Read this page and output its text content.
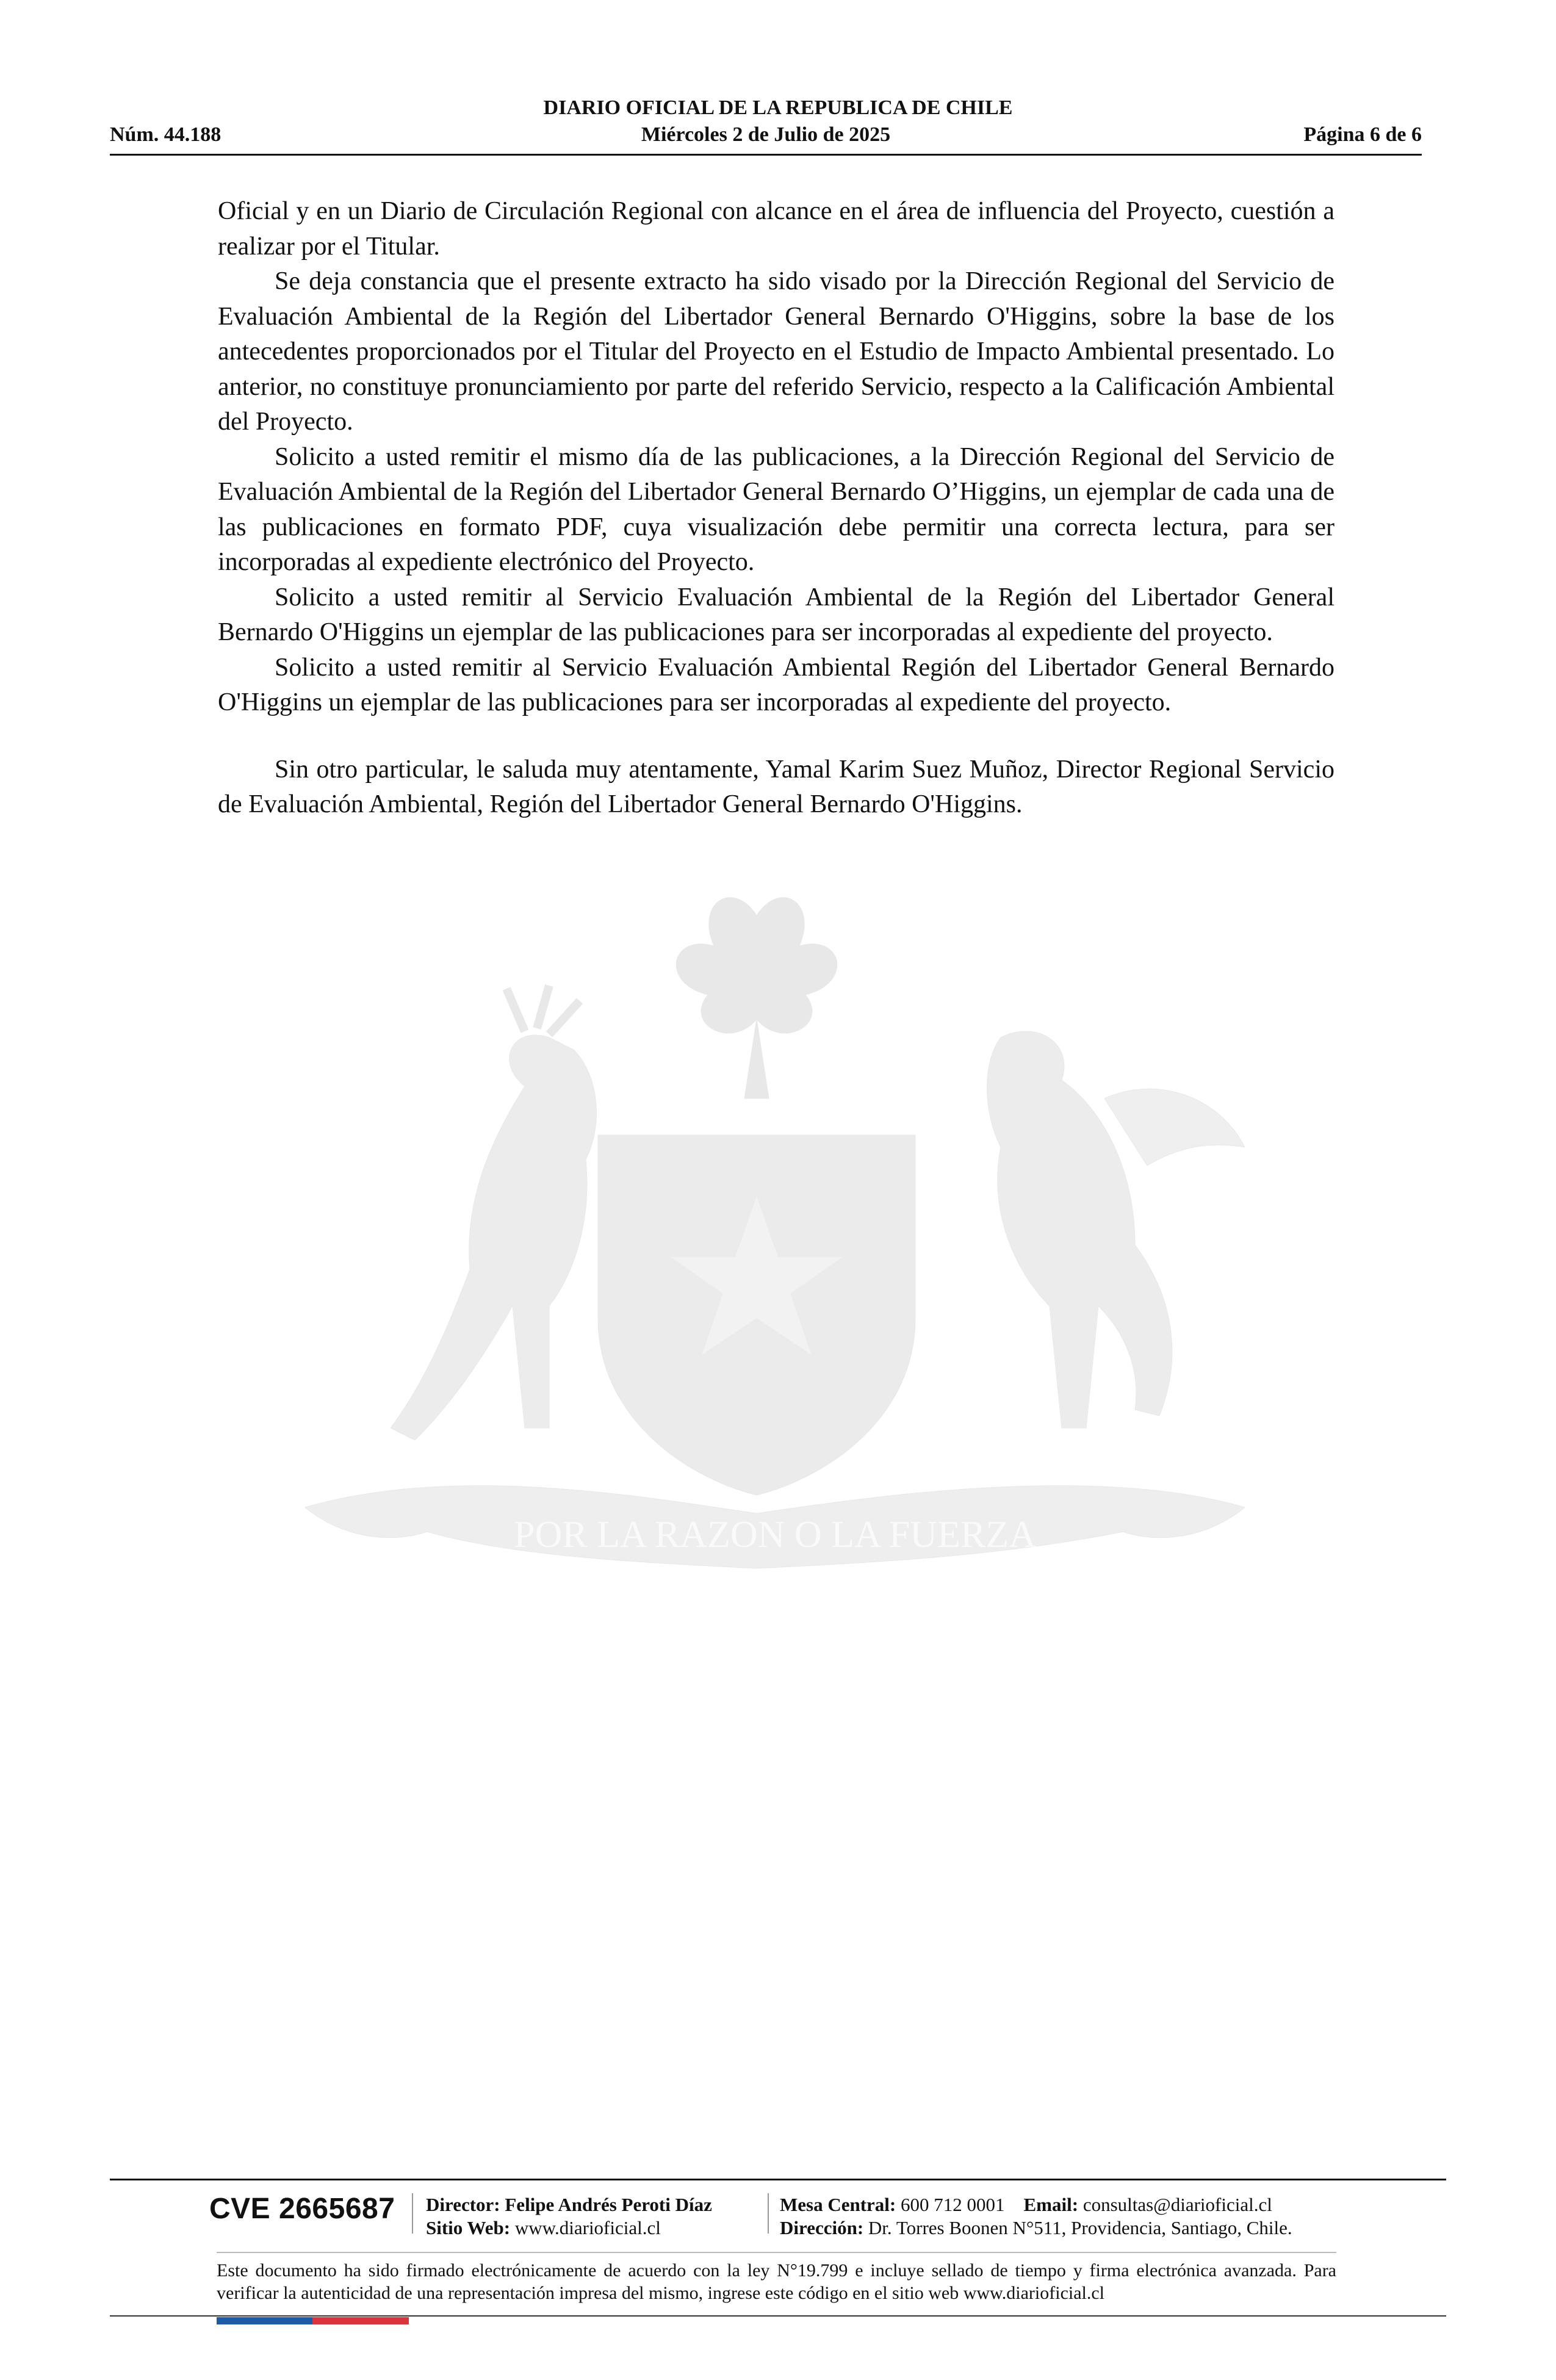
DIARIO OFICIAL DE LA REPUBLICA DE CHILE
Miércoles 2 de Julio de 2025
Núm. 44.188	Página 6 de 6

Oficial y en un Diario de Circulación Regional con alcance en el área de influencia del Proyecto, cuestión a realizar por el Titular.

Se deja constancia que el presente extracto ha sido visado por la Dirección Regional del Servicio de Evaluación Ambiental de la Región del Libertador General Bernardo O'Higgins, sobre la base de los antecedentes proporcionados por el Titular del Proyecto en el Estudio de Impacto Ambiental presentado. Lo anterior, no constituye pronunciamiento por parte del referido Servicio, respecto a la Calificación Ambiental del Proyecto.

Solicito a usted remitir el mismo día de las publicaciones, a la Dirección Regional del Servicio de Evaluación Ambiental de la Región del Libertador General Bernardo O’Higgins, un ejemplar de cada una de las publicaciones en formato PDF, cuya visualización debe permitir una correcta lectura, para ser incorporadas al expediente electrónico del Proyecto.

Solicito a usted remitir al Servicio Evaluación Ambiental de la Región del Libertador General Bernardo O'Higgins un ejemplar de las publicaciones para ser incorporadas al expediente del proyecto.

Solicito a usted remitir al Servicio Evaluación Ambiental Región del Libertador General Bernardo O'Higgins un ejemplar de las publicaciones para ser incorporadas al expediente del proyecto.

Sin otro particular, le saluda muy atentamente, Yamal Karim Suez Muñoz, Director Regional Servicio de Evaluación Ambiental, Región del Libertador General Bernardo O'Higgins.

POR LA RAZON O LA FUERZA
CVE 2665687 Director: Felipe Andrés Peroti Díaz
Sitio Web: www.diarioficial.cl
Mesa Central: 600 712 0001 Email: consultas@diarioficial.cl
Dirección: Dr. Torres Boonen N°511, Providencia, Santiago, Chile.
Este documento ha sido firmado electrónicamente de acuerdo con la ley N°19.799 e incluye sellado de tiempo y firma electrónica avanzada. Para verificar la autenticidad de una representación impresa del mismo, ingrese este código en el sitio web www.diarioficial.cl
